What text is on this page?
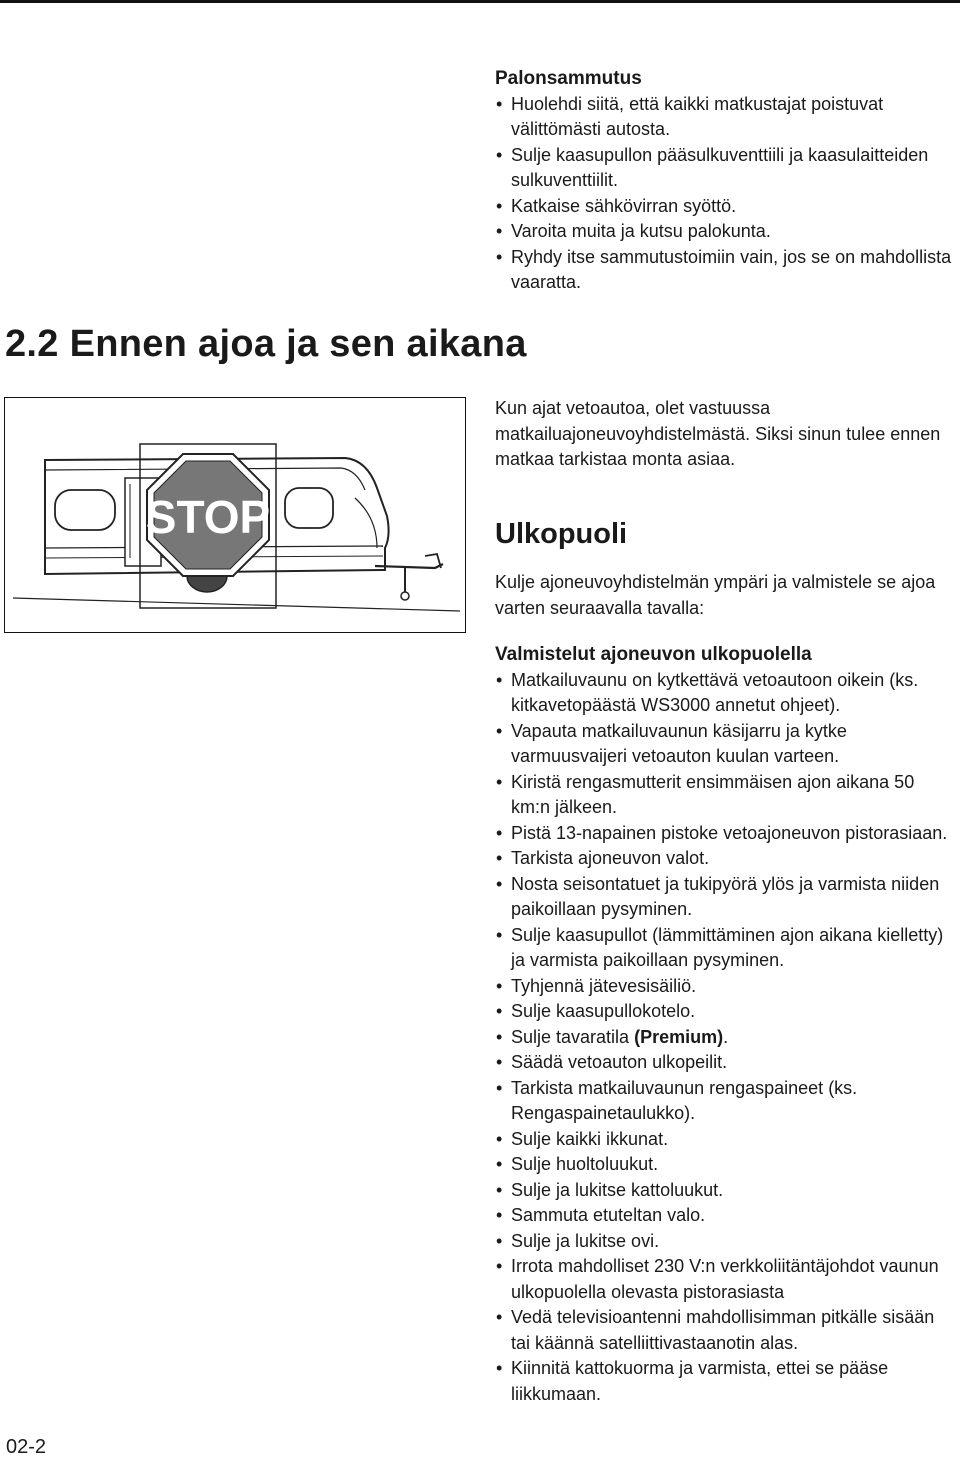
Palonsammutus
• Huolehdi siitä, että kaikki matkustajat poistuvat välittömästi autosta.
• Sulje kaasupullon pääsulkuventtiili ja kaasulaitteiden sulkuventtiilit.
• Katkaise sähkövirran syöttö.
• Varoita muita ja kutsu palokunta.
• Ryhdy itse sammutustoimiin vain, jos se on mahdollista vaaratta.
2.2 Ennen ajoa ja sen aikana
Kun ajat vetoautoa, olet vastuussa matkailuajoneuvoyhdistelmästä. Siksi sinun tulee ennen matkaa tarkistaa monta asiaa.
STOP	Ulkopuoli
Kulje ajoneuvoyhdistelmän ympäri ja valmistele se ajoa varten seuraavalla tavalla:
Valmistelut ajoneuvon ulkopuolella
• Matkailuvaunu on kytkettävä vetoautoon oikein (ks. kitkavetopäästä WS3000 annetut ohjeet).
• Vapauta matkailuvaunun käsijarru ja kytke varmuusvaijeri vetoauton kuulan varteen.
• Kiristä rengasmutterit ensimmäisen ajon aikana 50 km:n jälkeen.
• Pistä 13-napainen pistoke vetoajoneuvon pistorasiaan.
• Tarkista ajoneuvon valot.
• Nosta seisontatuet ja tukipyörä ylös ja varmista niiden paikoillaan pysyminen.
• Sulje kaasupullot (lämmittäminen ajon aikana kielletty) ja varmista paikoillaan pysyminen.
• Tyhjennä jätevesisäiliö.
• Sulje kaasupullokotelo.
• Sulje tavaratila (Premium).
• Säädä vetoauton ulkopeilit.
• Tarkista matkailuvaunun rengaspaineet (ks. Rengaspainetaulukko).
• Sulje kaikki ikkunat.
• Sulje huoltoluukut.
• Sulje ja lukitse kattoluukut.
• Sammuta etuteltan valo.
• Sulje ja lukitse ovi.
• Irrota mahdolliset 230 V:n verkkoliitäntäjohdot vaunun ulkopuolella olevasta pistorasiasta
• Vedä televisioantenni mahdollisimman pitkälle sisään tai käännä satelliittivastaanotin alas.
• Kiinnitä kattokuorma ja varmista, ettei se pääse liikkumaan.
02-2
